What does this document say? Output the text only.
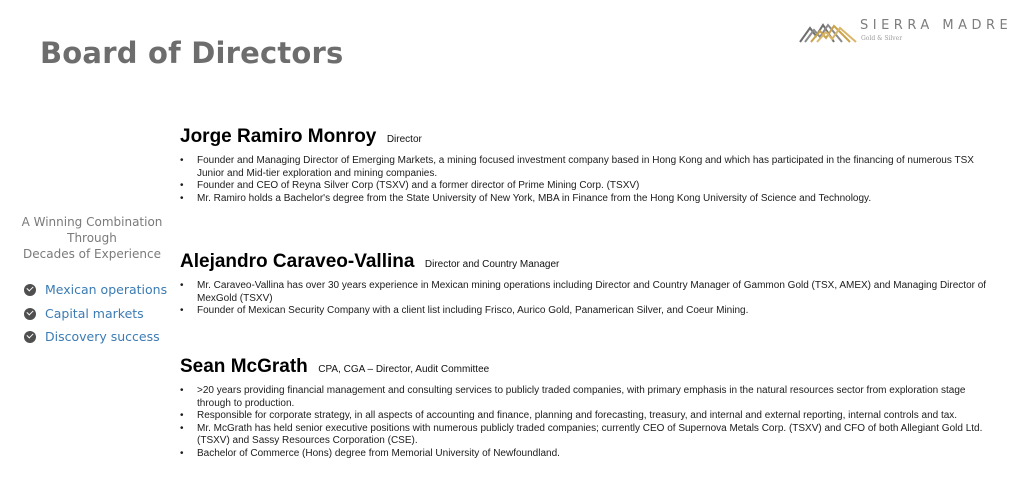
Board of Directors
SIERRA MADRE
Gold & Silver
A Winning Combination
Through
Decades of Experience
Mexican operations
Capital markets
Discovery success
Jorge Ramiro Monroy Director
• Founder and Managing Director of Emerging Markets, a mining focused investment company based in Hong Kong and which has participated in the financing of numerous TSX Junior and Mid-tier exploration and mining companies.
• Founder and CEO of Reyna Silver Corp (TSXV) and a former director of Prime Mining Corp. (TSXV)
• Mr. Ramiro holds a Bachelor's degree from the State University of New York, MBA in Finance from the Hong Kong University of Science and Technology.
Alejandro Caraveo-Vallina Director and Country Manager
• Mr. Caraveo-Vallina has over 30 years experience in Mexican mining operations including Director and Country Manager of Gammon Gold (TSX, AMEX) and Managing Director of MexGold (TSXV)
• Founder of Mexican Security Company with a client list including Frisco, Aurico Gold, Panamerican Silver, and Coeur Mining.
Sean McGrath CPA, CGA – Director, Audit Committee
• >20 years providing financial management and consulting services to publicly traded companies, with primary emphasis in the natural resources sector from exploration stage through to production.
• Responsible for corporate strategy, in all aspects of accounting and finance, planning and forecasting, treasury, and internal and external reporting, internal controls and tax.
• Mr. McGrath has held senior executive positions with numerous publicly traded companies; currently CEO of Supernova Metals Corp. (TSXV) and CFO of both Allegiant Gold Ltd. (TSXV) and Sassy Resources Corporation (CSE).
• Bachelor of Commerce (Hons) degree from Memorial University of Newfoundland.
